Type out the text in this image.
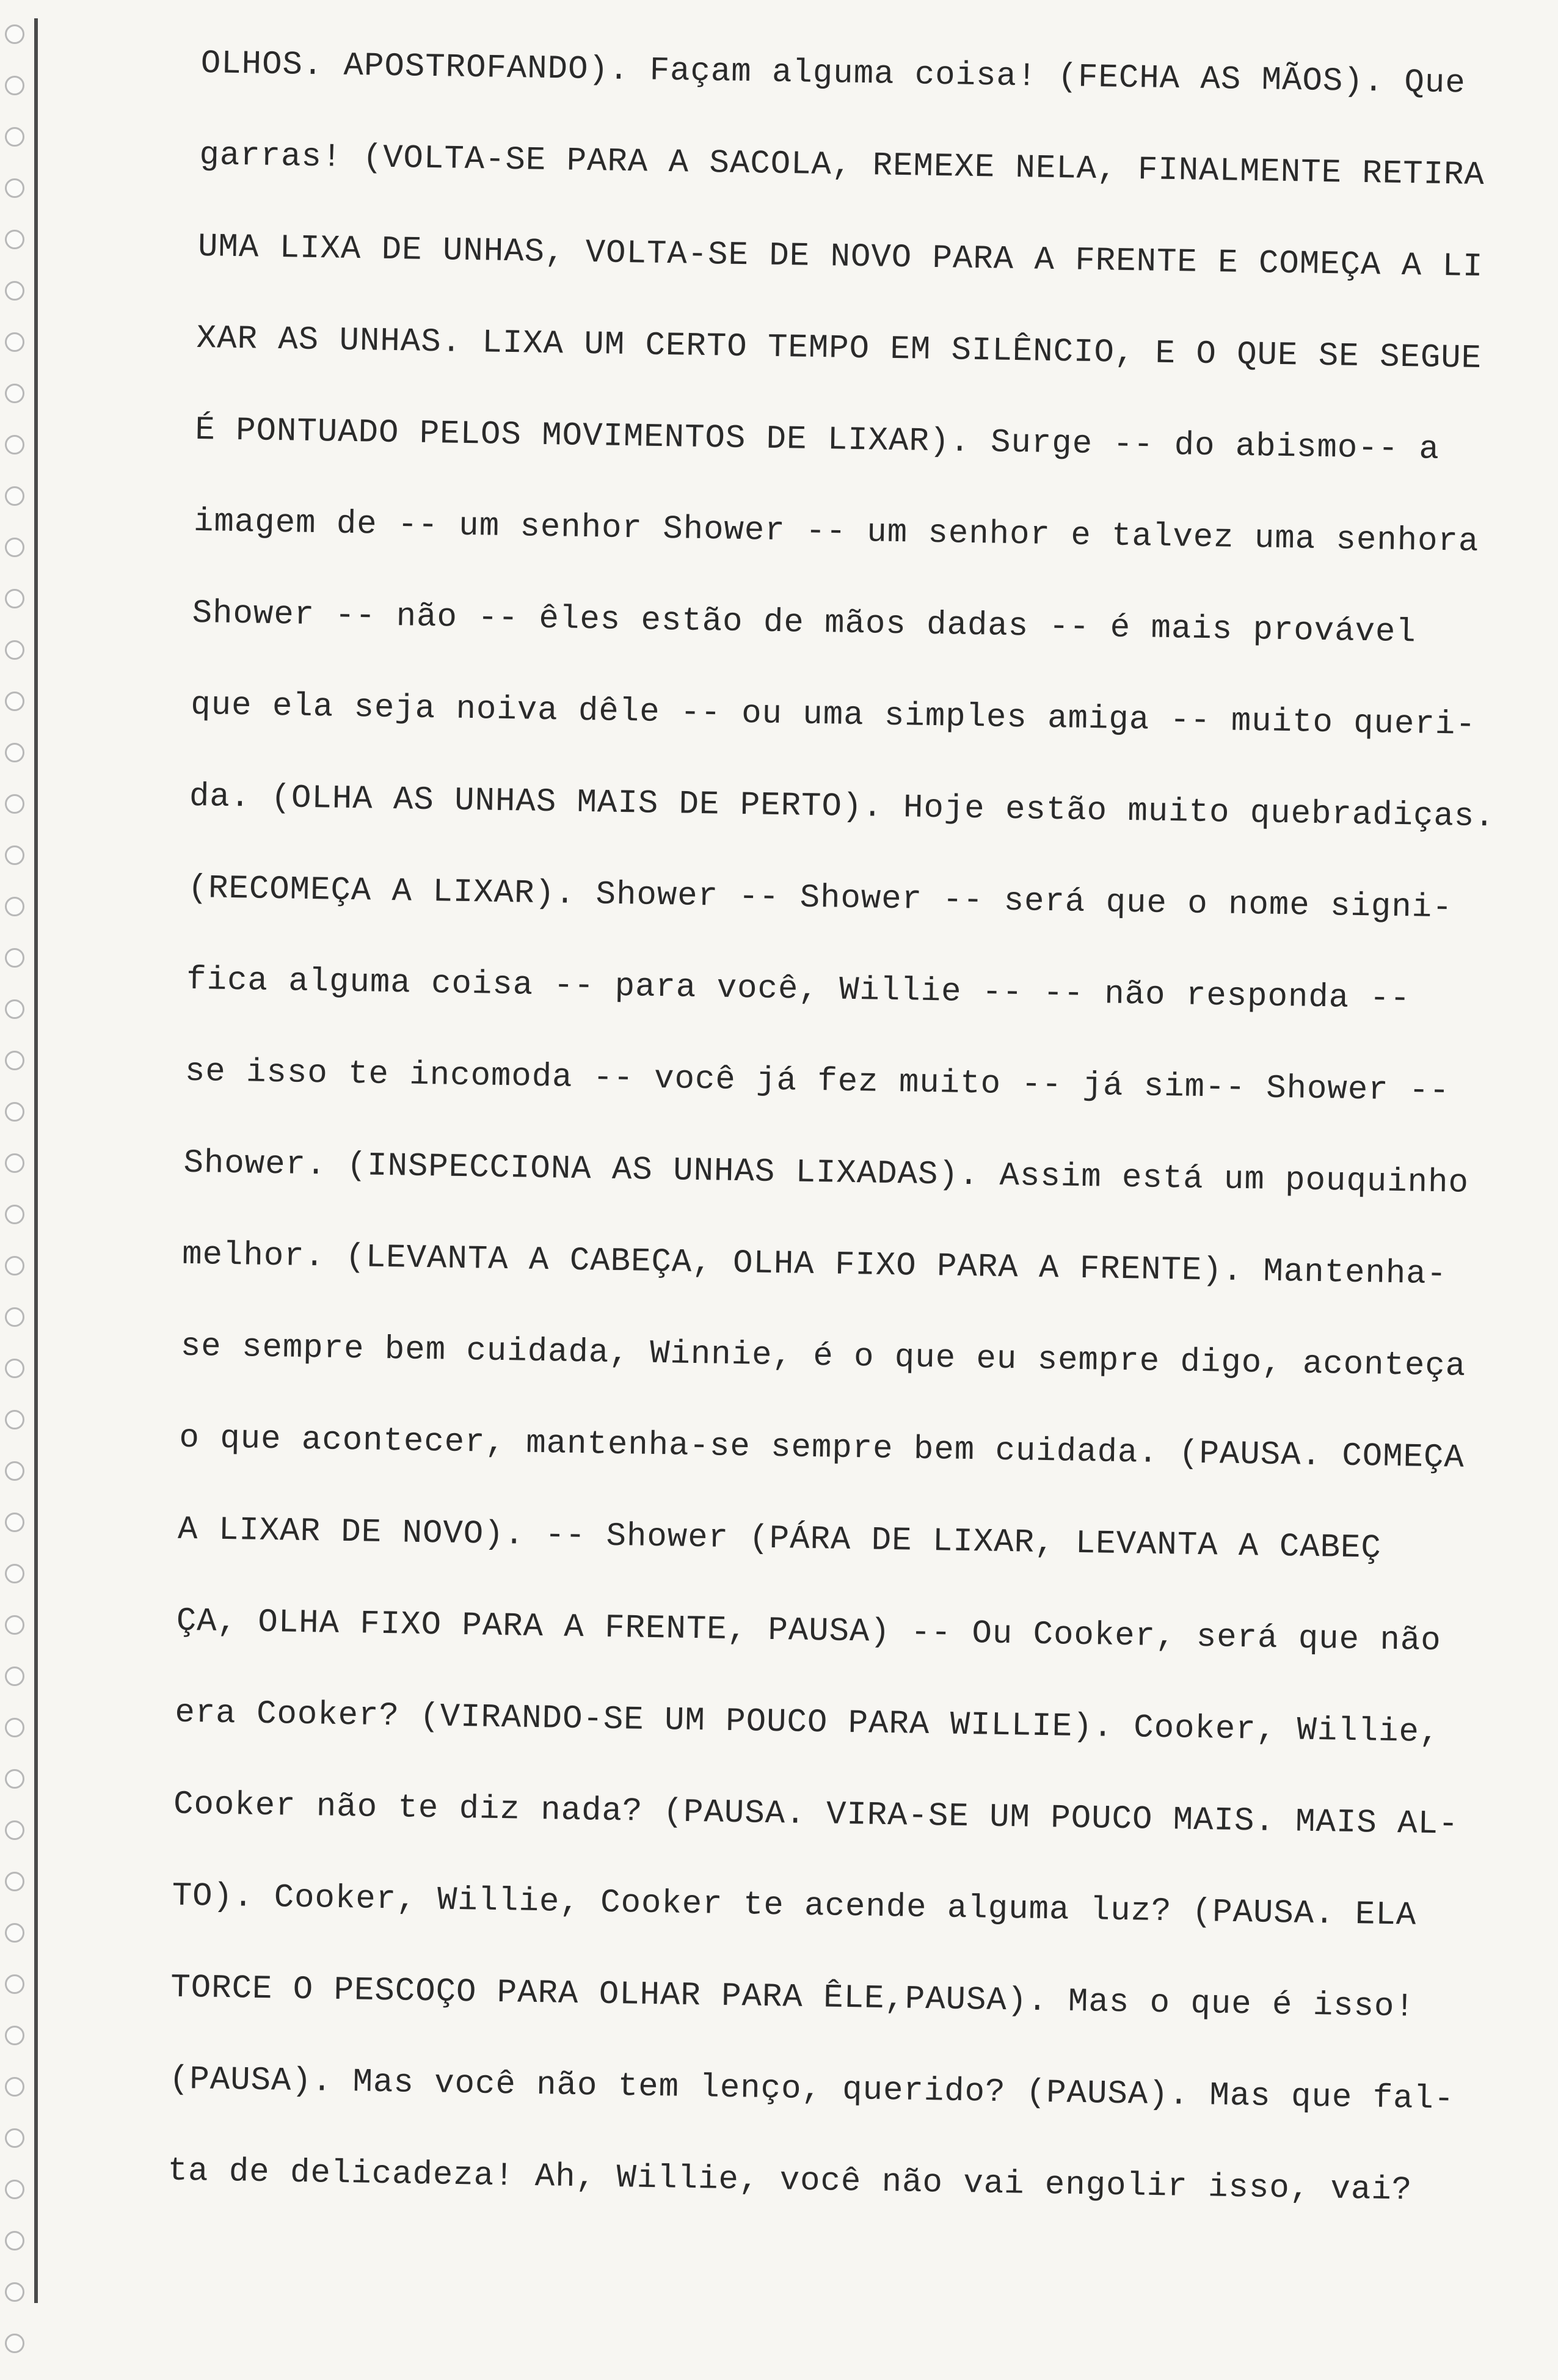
OLHOS. APOSTROFANDO). Façam alguma coisa! (FECHA AS MÃOS). Que
garras! (VOLTA-SE PARA A SACOLA, REMEXE NELA, FINALMENTE RETIRA
UMA LIXA DE UNHAS, VOLTA-SE DE NOVO PARA A FRENTE E COMEÇA A LI
XAR AS UNHAS. LIXA UM CERTO TEMPO EM SILÊNCIO, E O QUE SE SEGUE
É PONTUADO PELOS MOVIMENTOS DE LIXAR). Surge -- do abismo-- a
imagem de -- um senhor Shower -- um senhor e talvez uma senhora
Shower -- não -- êles estão de mãos dadas -- é mais provável
que ela seja noiva dêle -- ou uma simples amiga -- muito queri-
da. (OLHA AS UNHAS MAIS DE PERTO). Hoje estão muito quebradiças.
(RECOMEÇA A LIXAR). Shower -- Shower -- será que o nome signi-
fica alguma coisa -- para você, Willie -- -- não responda --
se isso te incomoda -- você já fez muito -- já sim-- Shower --
Shower. (INSPECCIONA AS UNHAS LIXADAS). Assim está um pouquinho
melhor. (LEVANTA A CABEÇA, OLHA FIXO PARA A FRENTE). Mantenha-
se sempre bem cuidada, Winnie, é o que eu sempre digo, aconteça
o que acontecer, mantenha-se sempre bem cuidada. (PAUSA. COMEÇA
A LIXAR DE NOVO). -- Shower (PÁRA DE LIXAR, LEVANTA A CABEÇ
ÇA, OLHA FIXO PARA A FRENTE, PAUSA) -- Ou Cooker, será que não
era Cooker? (VIRANDO-SE UM POUCO PARA WILLIE). Cooker, Willie,
Cooker não te diz nada? (PAUSA. VIRA-SE UM POUCO MAIS. MAIS AL-
TO). Cooker, Willie, Cooker te acende alguma luz? (PAUSA. ELA
TORCE O PESCOÇO PARA OLHAR PARA ÊLE,PAUSA). Mas o que é isso!
(PAUSA). Mas você não tem lenço, querido? (PAUSA). Mas que fal-
ta de delicadeza! Ah, Willie, você não vai engolir isso, vai?
